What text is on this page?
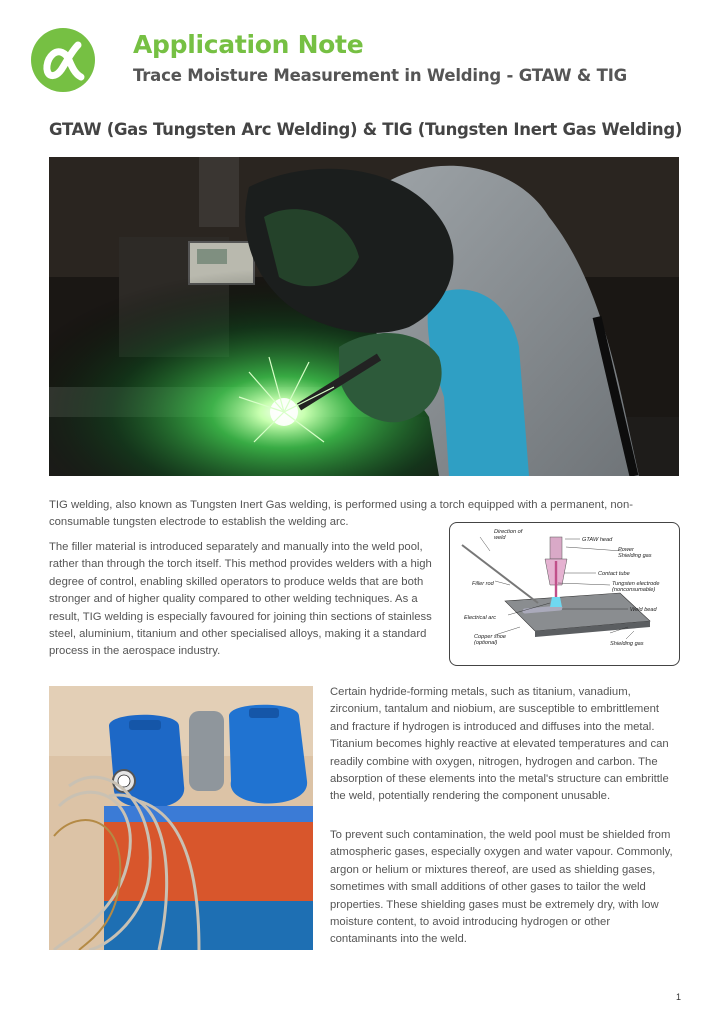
Application Note
Trace Moisture Measurement in Welding - GTAW & TIG
GTAW (Gas Tungsten Arc Welding) & TIG (Tungsten Inert Gas Welding)

TIG welding, also known as Tungsten Inert Gas welding, is performed using a torch equipped with a permanent, non-consumable tungsten electrode to establish the welding arc.

The filler material is introduced separately and manually into the weld pool, rather than through the torch itself. This method provides welders with a high degree of control, enabling skilled operators to produce welds that are both stronger and of higher quality compared to other welding techniques. As a result, TIG welding is especially favoured for joining thin sections of stainless steel, aluminium, titanium and other specialised alloys, making it a standard process in the aerospace industry.

Direction of
weld	GTAW head
Power
Shielding gas
Contact tube
Tungsten electrode
(nonconsumable)
Filler rod
Weld bead
Electrical arc
Copper shoe
(optional)	Shielding gas

Certain hydride-forming metals, such as titanium, vanadium, zirconium, tantalum and niobium, are susceptible to embrittlement and fracture if hydrogen is introduced and diffuses into the metal. Titanium becomes highly reactive at elevated temperatures and can readily combine with oxygen, nitrogen, hydrogen and carbon. The absorption of these elements into the metal's structure can embrittle the weld, potentially rendering the component unusable.

To prevent such contamination, the weld pool must be shielded from atmospheric gases, especially oxygen and water vapour. Commonly, argon or helium or mixtures thereof, are used as shielding gases, sometimes with small additions of other gases to tailor the weld properties. These shielding gases must be extremely dry, with low moisture content, to avoid introducing hydrogen or other contaminants into the weld.

1
